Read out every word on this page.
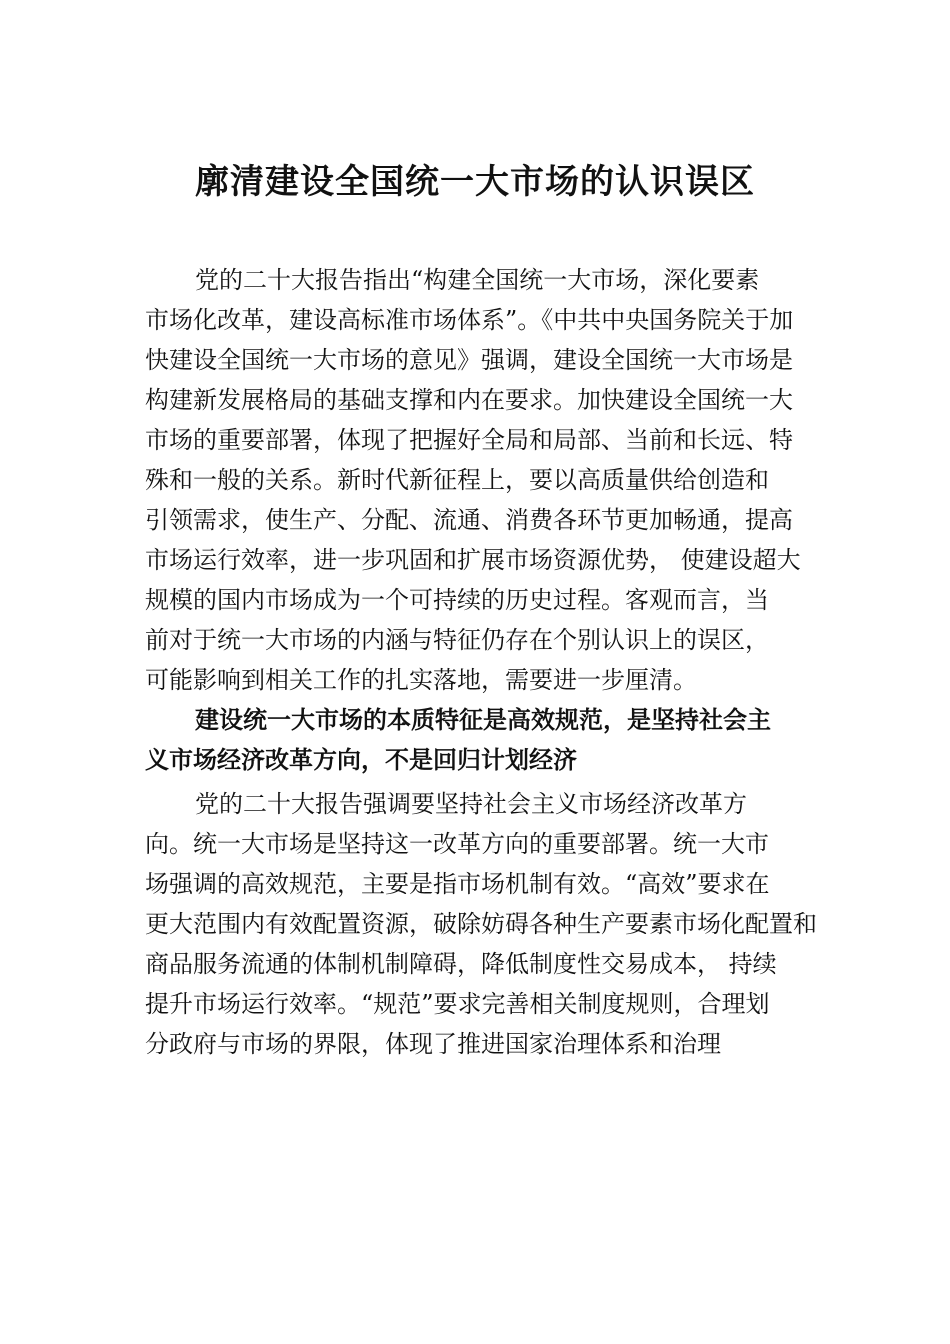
廓清建设全国统一大市场的认识误区
党的二十大报告指出“构建全国统一大市场，深化要素
市场化改革，建设高标准市场体系”。《中共中央国务院关于加
快建设全国统一大市场的意见》强调，建设全国统一大市场是
构建新发展格局的基础支撑和内在要求。加快建设全国统一大
市场的重要部署，体现了把握好全局和局部、当前和长远、特
殊和一般的关系。新时代新征程上，要以高质量供给创造和
引领需求，使生产、分配、流通、消费各环节更加畅通，提高
市场运行效率，进一步巩固和扩展市场资源优势， 使建设超大
规模的国内市场成为一个可持续的历史过程。客观而言，当
前对于统一大市场的内涵与特征仍存在个别认识上的误区，
可能影响到相关工作的扎实落地，需要进一步厘清。
建设统一大市场的本质特征是高效规范，是坚持社会主
义市场经济改革方向，不是回归计划经济
党的二十大报告强调要坚持社会主义市场经济改革方
向。统一大市场是坚持这一改革方向的重要部署。统一大市
场强调的高效规范，主要是指市场机制有效。“高效”要求在
更大范围内有效配置资源，破除妨碍各种生产要素市场化配置和
商品服务流通的体制机制障碍，降低制度性交易成本， 持续
提升市场运行效率。“规范”要求完善相关制度规则，合理划
分政府与市场的界限，体现了推进国家治理体系和治理
